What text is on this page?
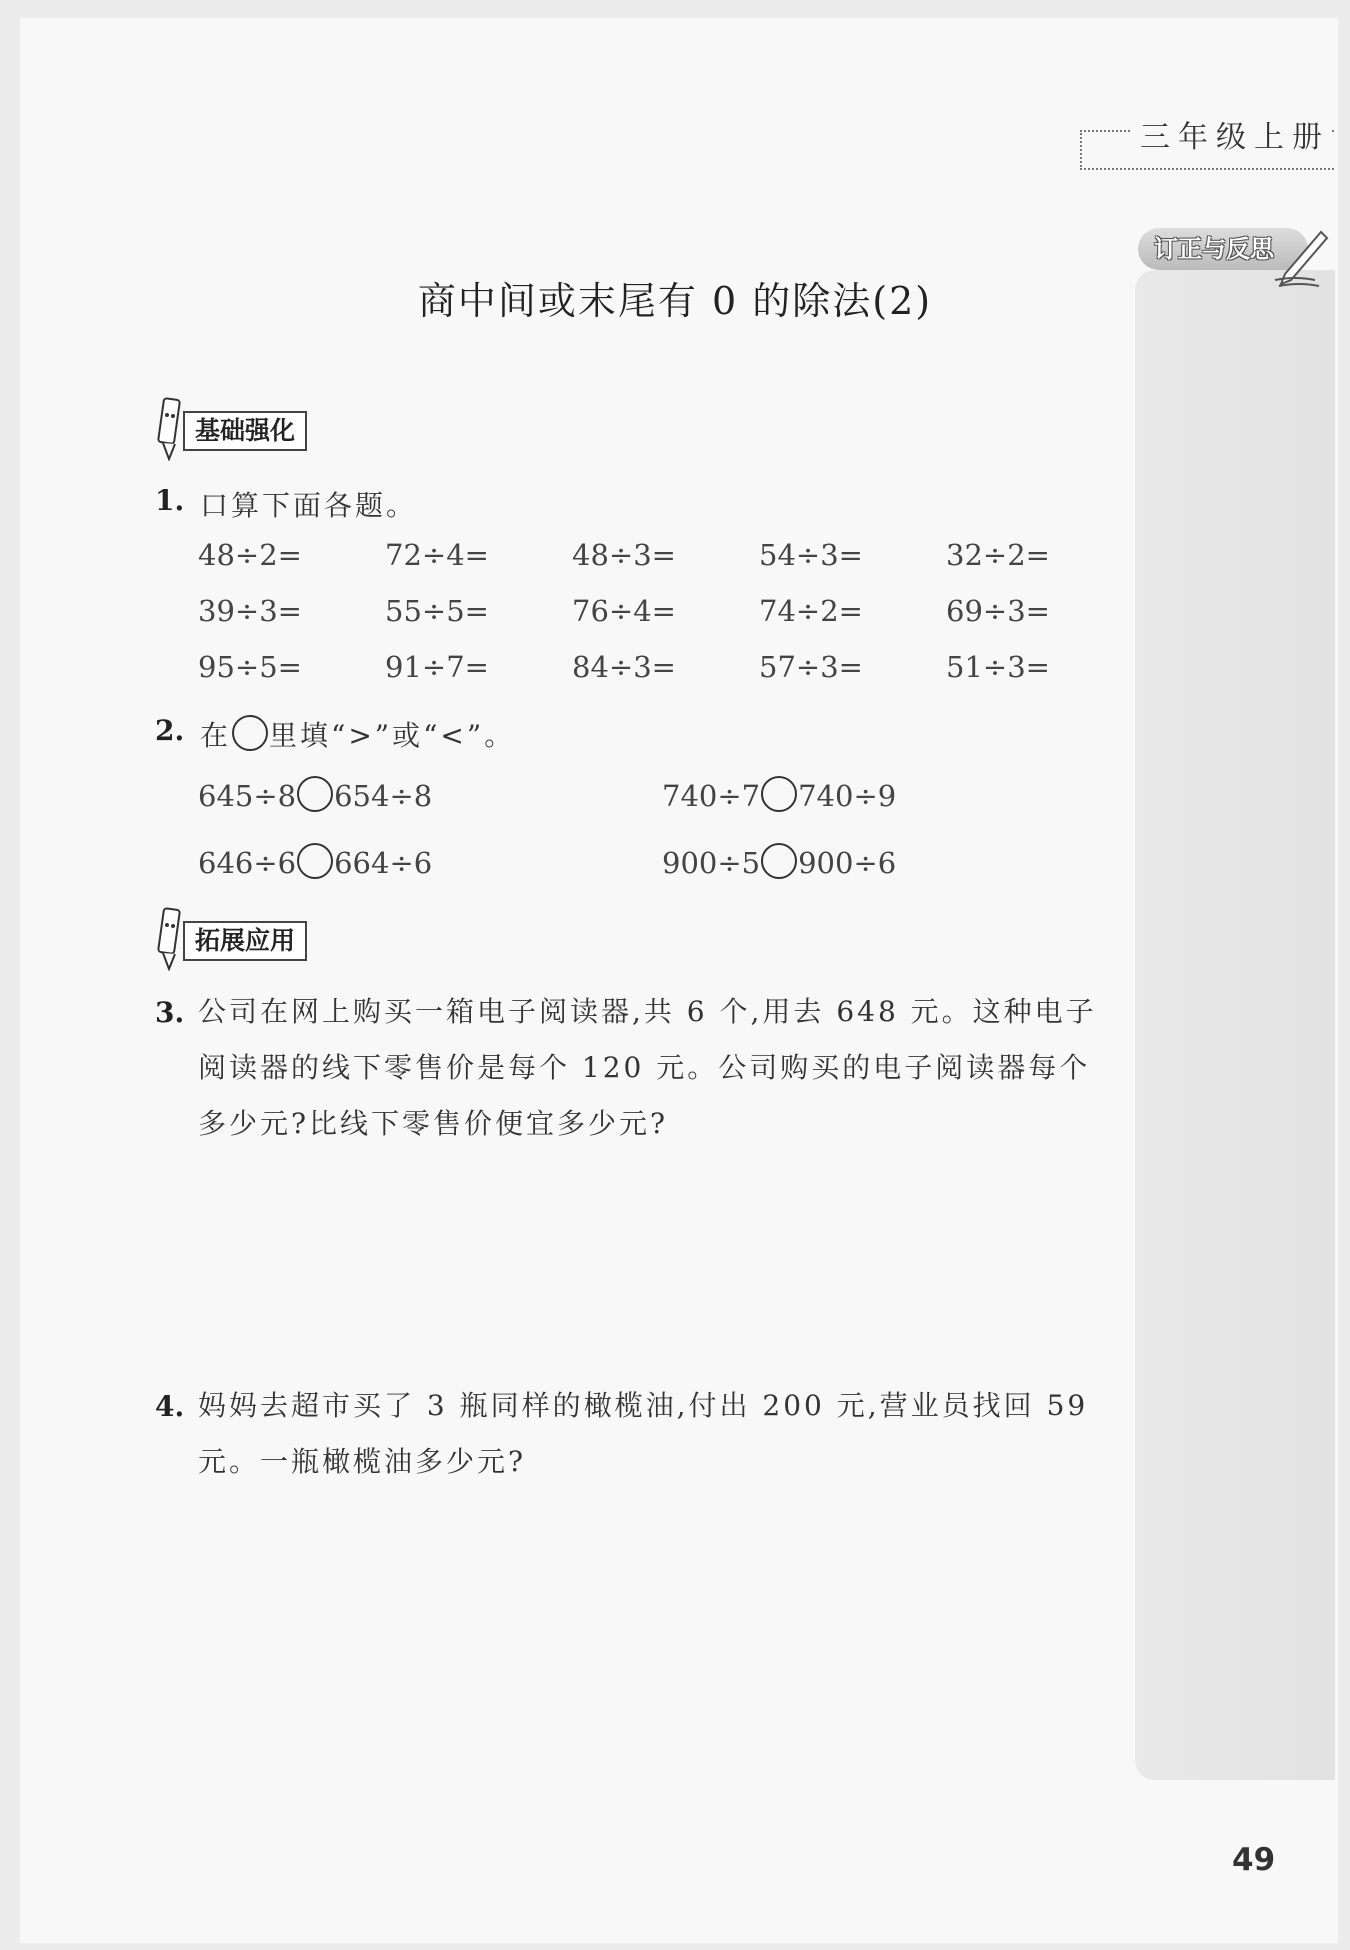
三年级上册
订正与反思
商中间或末尾有 0 的除法(2)
基础强化
1. 口算下面各题。
48÷2=	72÷4=	48÷3=	54÷3=	32÷2=
39÷3=	55÷5=	76÷4=	74÷2=	69÷3=
95÷5=	91÷7=	84÷3=	57÷3=	51÷3=
2. 在 里填“>”或“<”。
645÷8 654÷8	740÷7 740÷9
646÷6 664÷6	900÷5 900÷6
拓展应用
3. 公司在网上购买一箱电子阅读器,共 6 个,用去 648 元。这种电子阅读器的线下零售价是每个 120 元。公司购买的电子阅读器每个多少元?比线下零售价便宜多少元?
4. 妈妈去超市买了 3 瓶同样的橄榄油,付出 200 元,营业员找回 59 元。一瓶橄榄油多少元?
49
